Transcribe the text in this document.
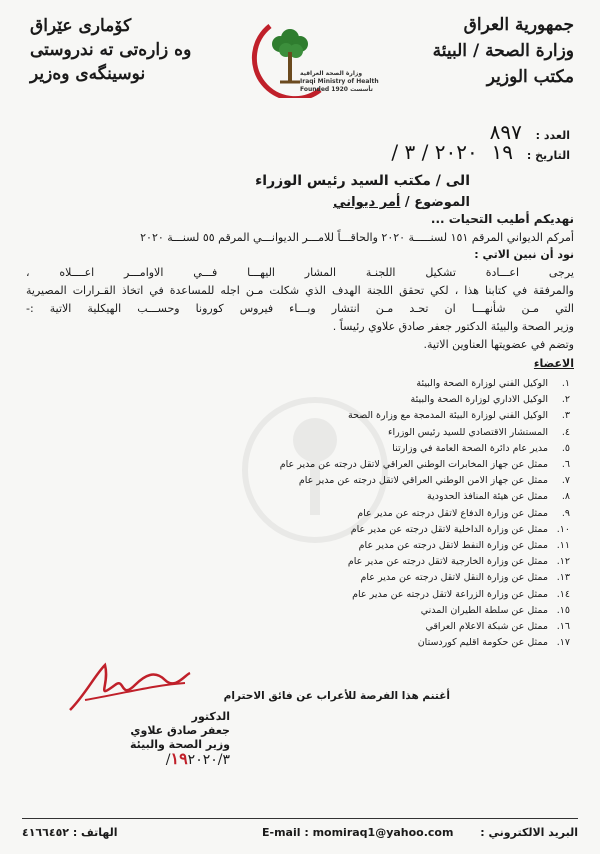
جمهورية العراق
وزارة الصحة / البيئة
مكتب الوزير
كۆماری عێراق
وە زارەتی تە ندروستی
نوسينگەی وەزير	وزارة الصحة العراقية
Iraqi Ministry of Health
Founded 1920 تأسست
العدد : ٨٩٧
التاريخ : ١٩ ٢٠٢٠ / ٣ /
الى / مكتب السيد رئيس الوزراء
الموضوع / أمر ديواني
نهديكم أطيب التحيات ...
أمركم الديواني المرقم ١٥١ لسنـــــة ٢٠٢٠ والحاقـــاً للامـــر الديوانـــي المرقم ٥٥ لسنـــة ٢٠٢٠
نود أن نبين الاتي :
يرجى اعـــادة تشكيل اللجنـة المشار اليهـــا فـــي الاوامـــر اعــــلاه ،
والمرفقة في كتابنا هذا ، لكي تحقق اللجنة الهدف الذي شكلت مـن اجله للمساعدة في اتخاذ القـرارات المصيرية
التي مـن شأنهـــا ان تحـد مـن انتشار وبـــاء فيروس كورونا وحســـب الهيكلية الاتية :-
وزير الصحة والبيئة الدكتور جعفر صادق علاوي رئيساً .
وتضم في عضويتها العناوين الاتية.
الاعضاء
١.
الوكيل الفني لوزارة الصحة والبيئة
٢.
الوكيل الاداري لوزارة الصحة والبيئة
٣.
الوكيل الفني لوزارة البيئة المدمجة مع وزارة الصحة
٤.
المستشار الاقتصادي للسيد رئيس الوزراء
٥.
مدير عام دائرة الصحة العامة في وزارتنا
٦.
ممثل عن جهاز المخابرات الوطني العراقي لاتقل درجته عن مدير عام
٧.
ممثل عن جهاز الامن الوطني العراقي لاتقل درجته عن مدير عام
٨.
ممثل عن هيئة المنافذ الحدودية
٩.
ممثل عن وزارة الدفاع لاتقل درجته عن مدير عام
١٠.
ممثل عن وزارة الداخلية لاتقل درجته عن مدير عام
١١.
ممثل عن وزارة النفط لاتقل درجته عن مدير عام
١٢.
ممثل عن وزارة الخارجية لاتقل درجته عن مدير عام
١٣.
ممثل عن وزارة النقل لاتقل درجته عن مدير عام
١٤.
ممثل عن وزارة الزراعة لاتقل درجته عن مدير عام
١٥.
ممثل عن سلطة الطيران المدني
١٦.
ممثل عن شبكة الاعلام العراقي
١٧.
ممثل عن حكومة اقليم كوردستان
أغتنم هذا الفرصة للأعراب عن فائق الاحترام
الدكتور
جعفر صادق علاوي
وزير الصحة والبيئة
١٩٢٠٢٠/٣/
البريد الالكتروني :
E-mail : momiraq1@yahoo.com
الهاتف : ٤١٦٦٤٥٢
